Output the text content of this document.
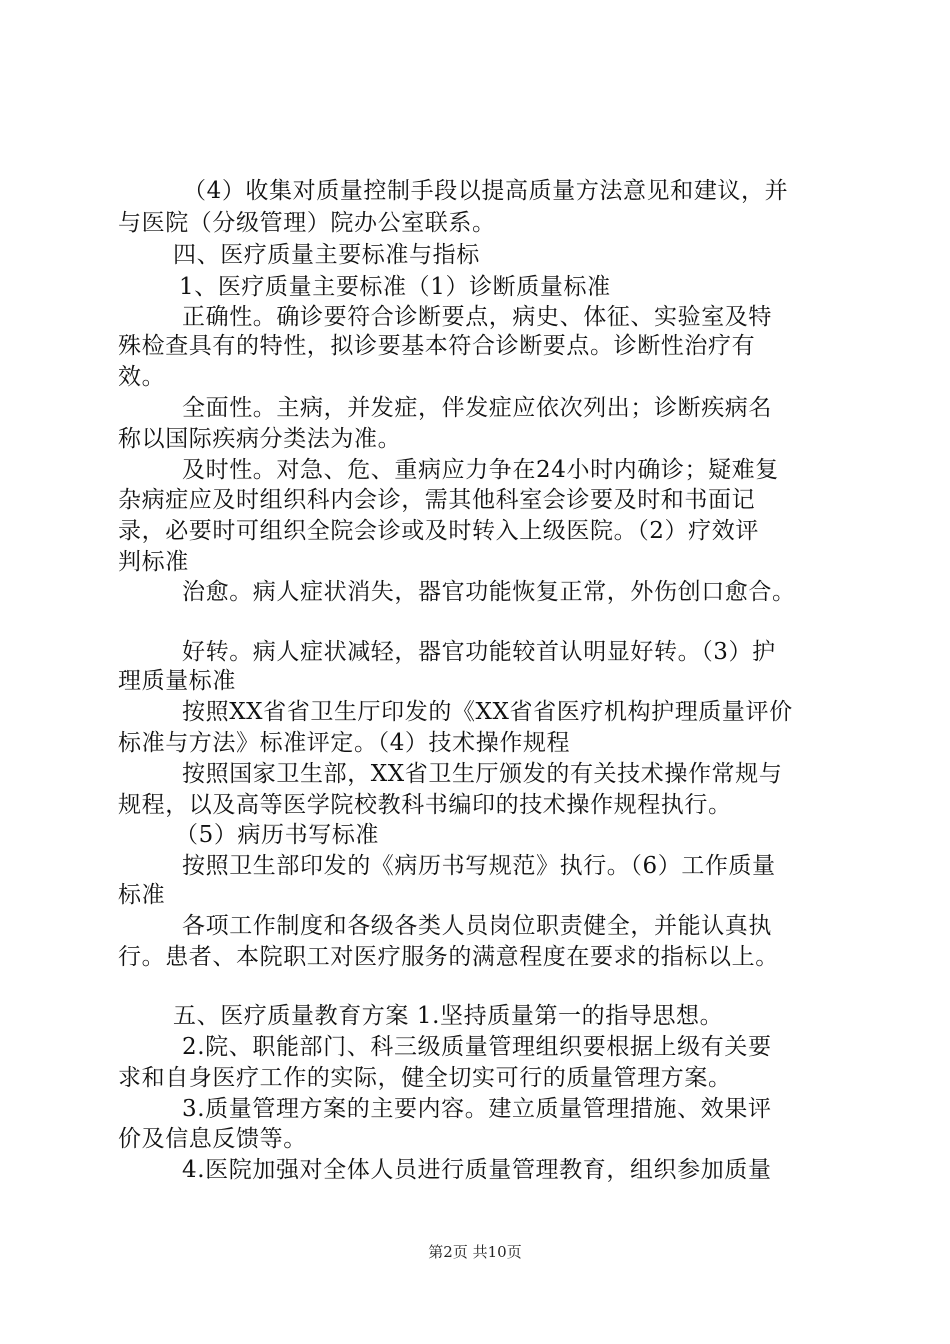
（4）收集对质量控制手段以提高质量方法意见和建议，并
与医院（分级管理）院办公室联系。
四、医疗质量主要标准与指标
1、医疗质量主要标准（1）诊断质量标准
正确性。确诊要符合诊断要点，病史、体征、实验室及特
殊检查具有的特性，拟诊要基本符合诊断要点。诊断性治疗有
效。
全面性。主病，并发症，伴发症应依次列出；诊断疾病名
称以国际疾病分类法为准。
及时性。对急、危、重病应力争在24小时内确诊；疑难复
杂病症应及时组织科内会诊，需其他科室会诊要及时和书面记
录，必要时可组织全院会诊或及时转入上级医院。（2）疗效评
判标准
治愈。病人症状消失，器官功能恢复正常，外伤创口愈合。
好转。病人症状减轻，器官功能较首认明显好转。（3）护
理质量标准
按照XX省省卫生厅印发的《XX省省医疗机构护理质量评价
标准与方法》标准评定。（4）技术操作规程
按照国家卫生部，XX省卫生厅颁发的有关技术操作常规与
规程，以及高等医学院校教科书编印的技术操作规程执行。
（5）病历书写标准
按照卫生部印发的《病历书写规范》执行。（6）工作质量
标准
各项工作制度和各级各类人员岗位职责健全，并能认真执
行。患者、本院职工对医疗服务的满意程度在要求的指标以上。
五、医疗质量教育方案 1.坚持质量第一的指导思想。
2.院、职能部门、科三级质量管理组织要根据上级有关要
求和自身医疗工作的实际，健全切实可行的质量管理方案。
3.质量管理方案的主要内容。建立质量管理措施、效果评
价及信息反馈等。
4.医院加强对全体人员进行质量管理教育，组织参加质量
第2页 共10页
